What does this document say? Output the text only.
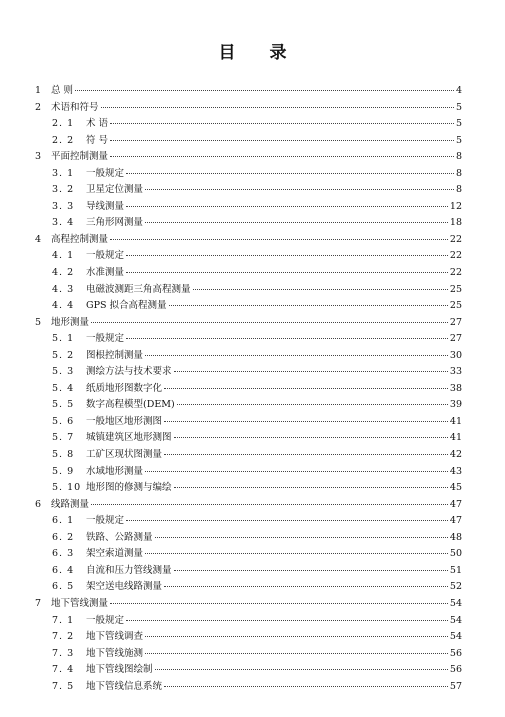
目 录
1	总 则	4
2	术语和符号	5
2. 1	术 语	5
2. 2	符 号	5
3	平面控制测量	8
3. 1	一般规定	8
3. 2	卫星定位测量	8
3. 3	导线测量	12
3. 4	三角形网测量	18
4	高程控制测量	22
4. 1	一般规定	22
4. 2	水准测量	22
4. 3	电磁波测距三角高程测量	25
4. 4	GPS 拟合高程测量	25
5	地形测量	27
5. 1	一般规定	27
5. 2	图根控制测量	30
5. 3	测绘方法与技术要求	33
5. 4	纸质地形图数字化	38
5. 5	数字高程模型(DEM)	39
5. 6	一般地区地形测图	41
5. 7	城镇建筑区地形测图	41
5. 8	工矿区现状图测量	42
5. 9	水域地形测量	43
5. 10 地形图的修测与编绘	45
6	线路测量	47
6. 1	一般规定	47
6. 2	铁路、公路测量	48
6. 3	架空索道测量	50
6. 4	自流和压力管线测量	51
6. 5	架空送电线路测量	52
7	地下管线测量	54
7. 1	一般规定	54
7. 2	地下管线调查	54
7. 3	地下管线施测	56
7. 4	地下管线图绘制	56
7. 5	地下管线信息系统	57
